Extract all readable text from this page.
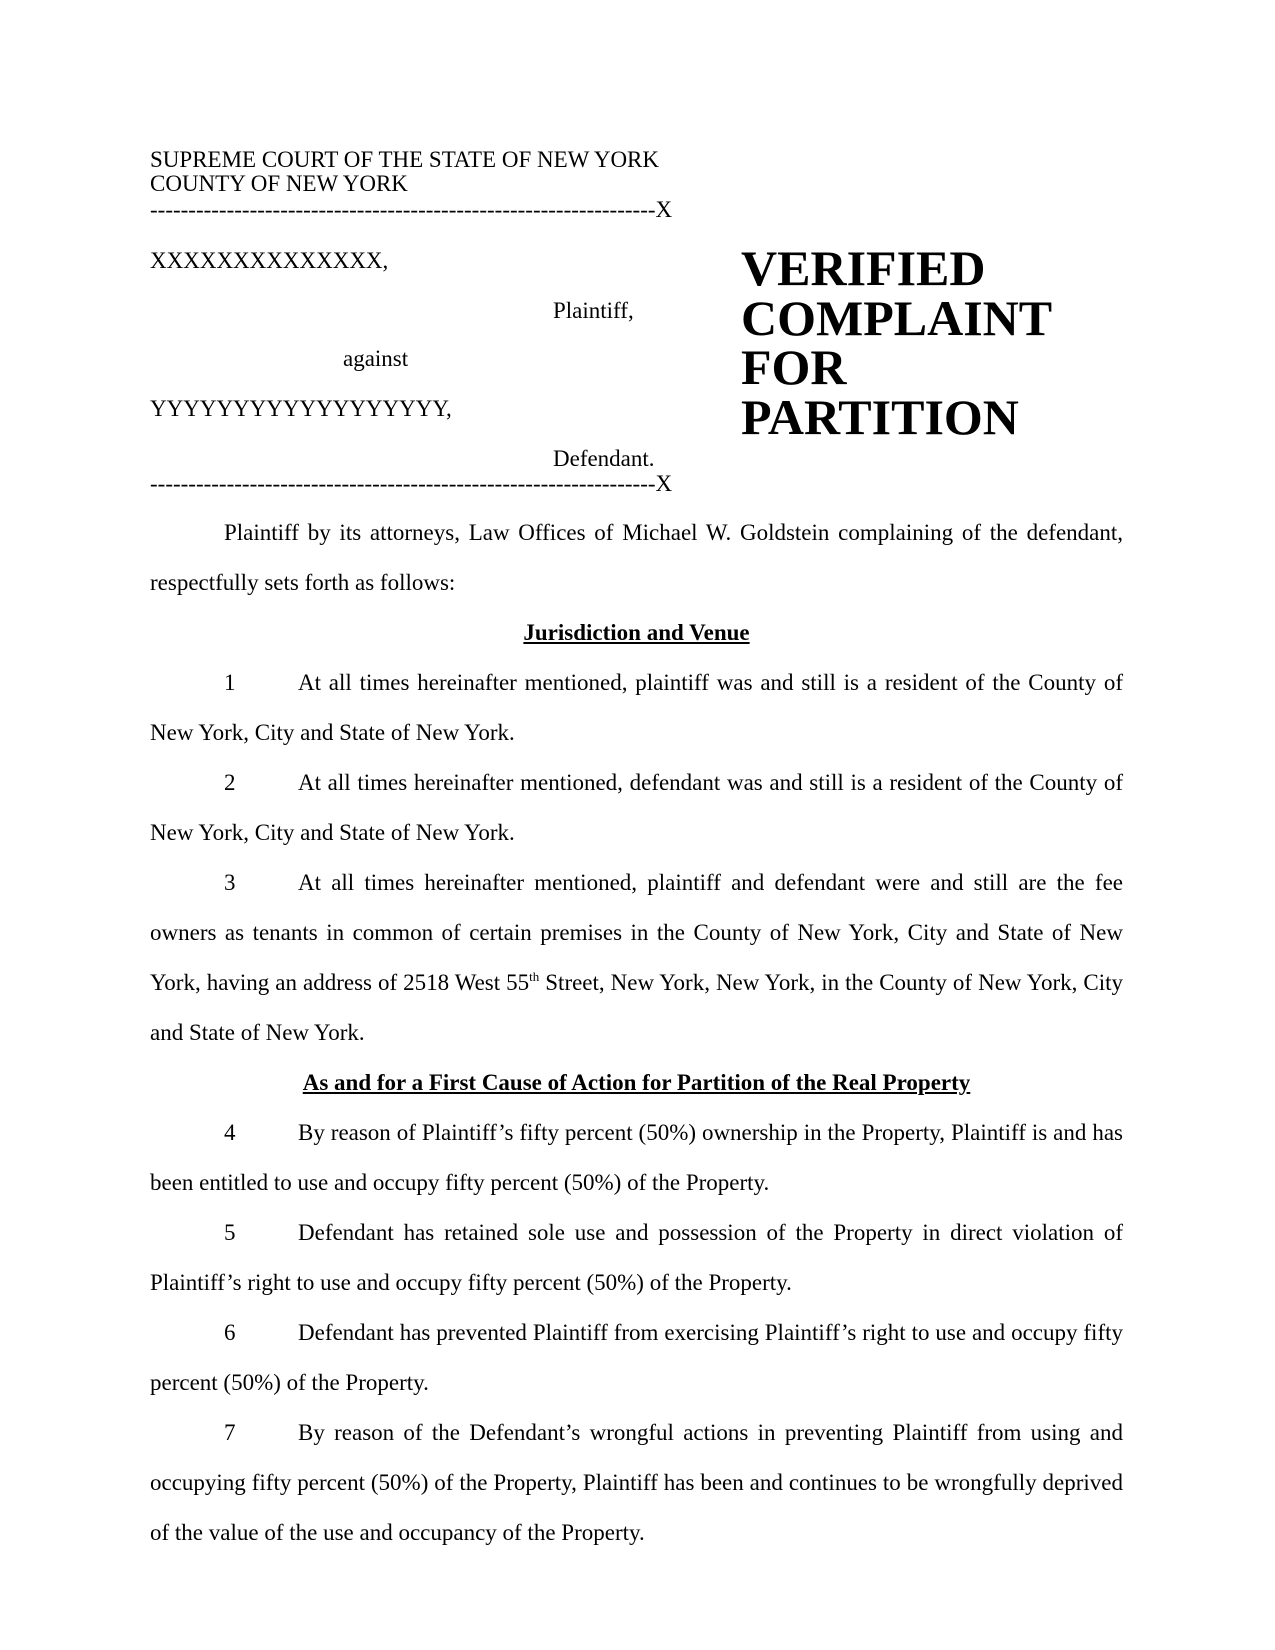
SUPREME COURT OF THE STATE OF NEW YORK
COUNTY OF NEW YORK
------------------------------------------------------------------X
XXXXXXXXXXXXXX,
Plaintiff,
against
YYYYYYYYYYYYYYYYYY,
Defendant.
------------------------------------------------------------------X
VERIFIED
COMPLAINT
FOR
PARTITION
Plaintiff by its attorneys, Law Offices of Michael W. Goldstein complaining of the defendant, respectfully sets forth as follows:
Jurisdiction and Venue
1	At all times hereinafter mentioned, plaintiff was and still is a resident of the County of New York, City and State of New York.
2	At all times hereinafter mentioned, defendant was and still is a resident of the County of New York, City and State of New York.
3	At all times hereinafter mentioned, plaintiff and defendant were and still are the fee owners as tenants in common of certain premises in the County of New York, City and State of New York, having an address of 2518 West 55th Street, New York, New York, in the County of New York, City and State of New York.
As and for a First Cause of Action for Partition of the Real Property
4	By reason of Plaintiff’s fifty percent (50%) ownership in the Property, Plaintiff is and has been entitled to use and occupy fifty percent (50%) of the Property.
5	Defendant has retained sole use and possession of the Property in direct violation of Plaintiff’s right to use and occupy fifty percent (50%) of the Property.
6	Defendant has prevented Plaintiff from exercising Plaintiff’s right to use and occupy fifty percent (50%) of the Property.
7	By reason of the Defendant’s wrongful actions in preventing Plaintiff from using and occupying fifty percent (50%) of the Property, Plaintiff has been and continues to be wrongfully deprived of the value of the use and occupancy of the Property.
